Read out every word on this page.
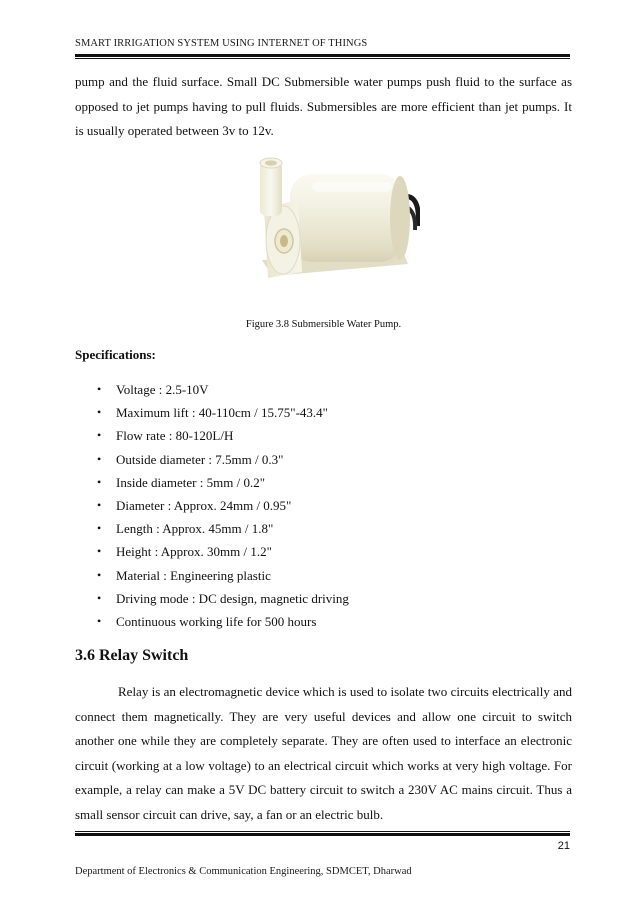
SMART IRRIGATION SYSTEM USING INTERNET OF THINGS
pump and the fluid surface. Small DC Submersible water pumps push fluid to the surface as opposed to jet pumps having to pull fluids. Submersibles are more efficient than jet pumps. It is usually operated between 3v to 12v.
Figure 3.8 Submersible Water Pump.
Specifications:
• Voltage : 2.5-10V
• Maximum lift : 40-110cm / 15.75"-43.4"
• Flow rate : 80-120L/H
• Outside diameter : 7.5mm / 0.3"
• Inside diameter : 5mm / 0.2"
• Diameter : Approx. 24mm / 0.95"
• Length : Approx. 45mm / 1.8"
• Height : Approx. 30mm / 1.2"
• Material : Engineering plastic
• Driving mode : DC design, magnetic driving
• Continuous working life for 500 hours
3.6 Relay Switch
Relay is an electromagnetic device which is used to isolate two circuits electrically and connect them magnetically. They are very useful devices and allow one circuit to switch another one while they are completely separate. They are often used to interface an electronic circuit (working at a low voltage) to an electrical circuit which works at very high voltage. For example, a relay can make a 5V DC battery circuit to switch a 230V AC mains circuit. Thus a small sensor circuit can drive, say, a fan or an electric bulb.
21
Department of Electronics & Communication Engineering, SDMCET, Dharwad
